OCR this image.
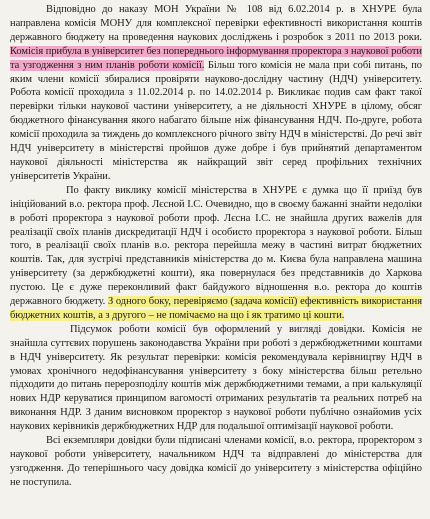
Відповідно до наказу МОН України № 108 від 6.02.2014 р. в ХНУРЕ була направлена комісія МОНУ для комплексної перевірки ефективності використання коштів державного бюджету на проведення наукових досліджень і розробок з 2011 по 2013 роки. Комісія прибула в університет без попереднього інформування проректора з наукової роботи та узгодження з ним планів роботи комісії. Більш того комісія не мала при собі питань, по яким члени комісії збиралися провіряти науково-дослідну частину (НДЧ) університету. Робота комісії проходила з 11.02.2014 р. по 14.02.2014 р. Викликає подив сам факт такої перевірки тільки наукової частини університету, а не діяльності ХНУРЕ в цілому, обсяг бюджетного фінансування якого набагато більше ніж фінансування НДЧ. По-друге, робота комісії проходила за тиждень до комплексного річного звіту НДЧ в міністерстві. До речі звіт НДЧ університету в міністерстві пройшов дуже добре і був прийнятий департаментом наукової діяльності міністерства як найкращий звіт серед профільних технічних університетів України.

По факту виклику комісії міністерства в ХНУРЕ є думка що її приїзд був ініційований в.о. ректора проф. Лєсной І.С. Очевидно, що в своєму бажанні знайти недоліки в роботі проректора з наукової роботи проф. Лєсна І.С. не знайшла других важелів для реалізації своїх планів дискредитації НДЧ і особисто проректора з наукової роботи. Більш того, в реалізації своїх планів в.о. ректора перейшла межу в частині витрат бюджетних коштів. Так, для зустрічі представників міністерства до м. Києва була направлена машина університету (за держбюджетні кошти), яка повернулася без представників до Харкова пустою. Це є дуже переконливий факт байдужого відношення в.о. ректора до коштів державного бюджету. З одного боку, перевіряємо (задача комісії) ефективність використання бюджетних коштів, а з другого – не помічаємо на що і як тратимо ці кошти.

Підсумок роботи комісії був оформлений у вигляді довідки. Комісія не знайшла суттєвих порушень законодавства України при роботі з держбюджетними коштами в НДЧ університету. Як результат перевірки: комісія рекомендувала керівництву НДЧ в умовах хронічного недофінансування університету з боку міністерства більш ретельно підходити до питань перерозподілу коштів між держбюджетними темами, а при калькуляції нових НДР керуватися принципом вагомості отриманих результатів та реальних потреб на виконання НДР. З даним висновком проректор з наукової роботи публічно ознайомив усіх наукових керівників держбюджетних НДР для подальшої оптимізації наукової роботи.

Всі екземпляри довідки були підписані членами комісії, в.о. ректора, проректором з наукової роботи університету, начальником НДЧ та відправлені до міністерства для узгодження. До теперішнього часу довідка комісії до університету з міністерства офіційно не поступила.
